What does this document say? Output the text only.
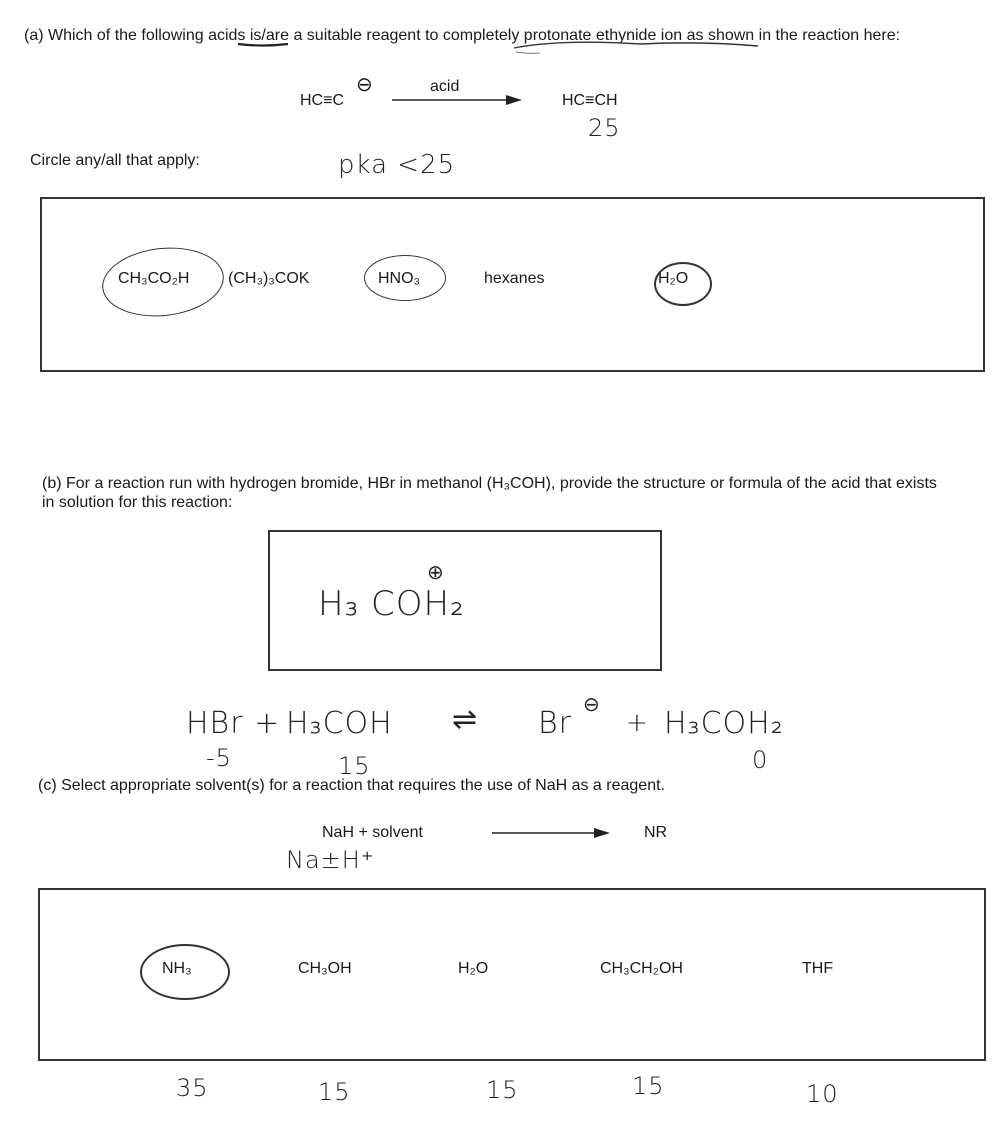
(a) Which of the following acids is/are a suitable reagent to completely protonate ethynide ion as shown in the reaction here:
HC≡C
⊖	acid
HC≡CH
25
Circle any/all that apply:	pka <25
CH₃CO₂H (CH₃)₃COK	HNO₃	hexanes	H₂O
(b) For a reaction run with hydrogen bromide, HBr in methanol (H₃COH), provide the structure or formula of the acid that exists in solution for this reaction:
H₃ COH₂
⊕
HBr + H₃COH ⇌ Br
⊖
+ H₃COH₂
-5	15	0
(c) Select appropriate solvent(s) for a reaction that requires the use of NaH as a reagent.
NaH + solvent	NR
Na±H⁺
NH₃	CH₃OH	H₂O	CH₃CH₂OH	THF
35	15	15	15	10
